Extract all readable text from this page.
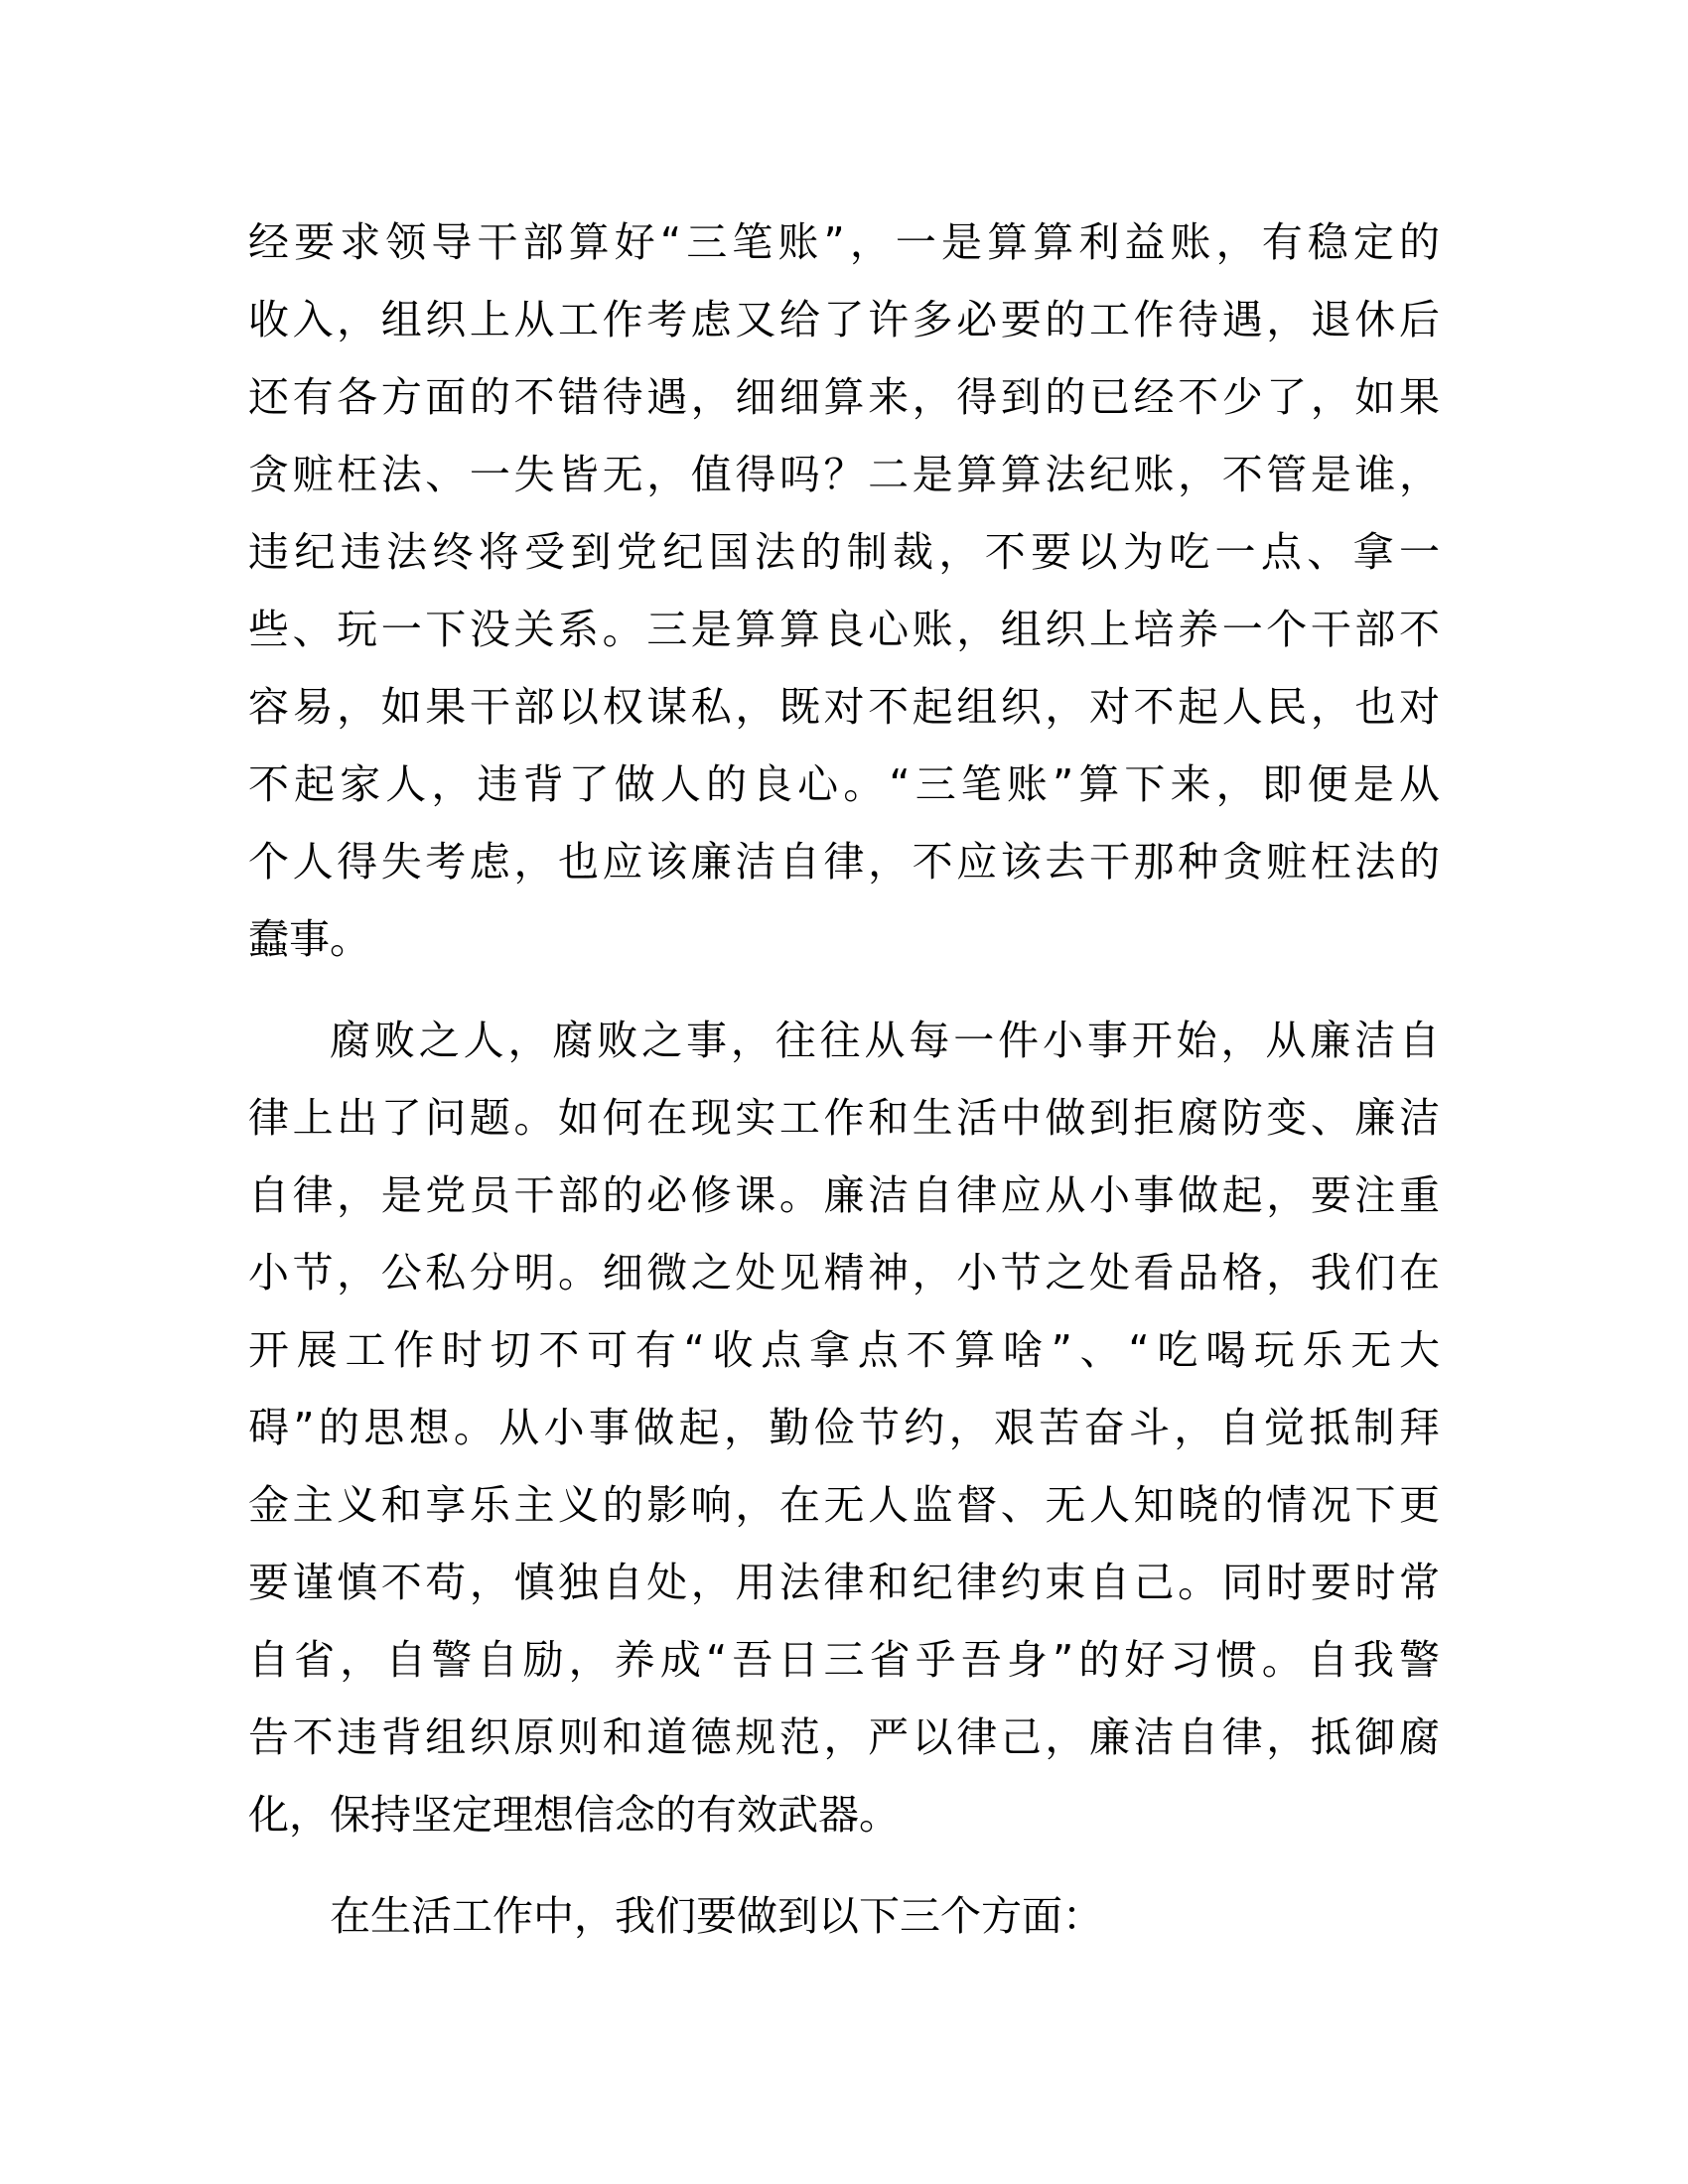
经要求领导干部算好“三笔账”，一是算算利益账，有稳定的
收入，组织上从工作考虑又给了许多必要的工作待遇，退休后
还有各方面的不错待遇，细细算来，得到的已经不少了，如果
贪赃枉法、一失皆无，值得吗？二是算算法纪账，不管是谁，
违纪违法终将受到党纪国法的制裁，不要以为吃一点、拿一
些、玩一下没关系。三是算算良心账，组织上培养一个干部不
容易，如果干部以权谋私，既对不起组织，对不起人民，也对
不起家人，违背了做人的良心。“三笔账”算下来，即便是从
个人得失考虑，也应该廉洁自律，不应该去干那种贪赃枉法的
蠢事。
腐败之人，腐败之事，往往从每一件小事开始，从廉洁自
律上出了问题。如何在现实工作和生活中做到拒腐防变、廉洁
自律，是党员干部的必修课。廉洁自律应从小事做起，要注重
小节，公私分明。细微之处见精神，小节之处看品格，我们在
开展工作时切不可有“收点拿点不算啥”、“吃喝玩乐无大
碍”的思想。从小事做起，勤俭节约，艰苦奋斗，自觉抵制拜
金主义和享乐主义的影响，在无人监督、无人知晓的情况下更
要谨慎不苟，慎独自处，用法律和纪律约束自己。同时要时常
自省，自警自励，养成“吾日三省乎吾身”的好习惯。自我警
告不违背组织原则和道德规范，严以律己，廉洁自律，抵御腐
化，保持坚定理想信念的有效武器。
在生活工作中，我们要做到以下三个方面：
